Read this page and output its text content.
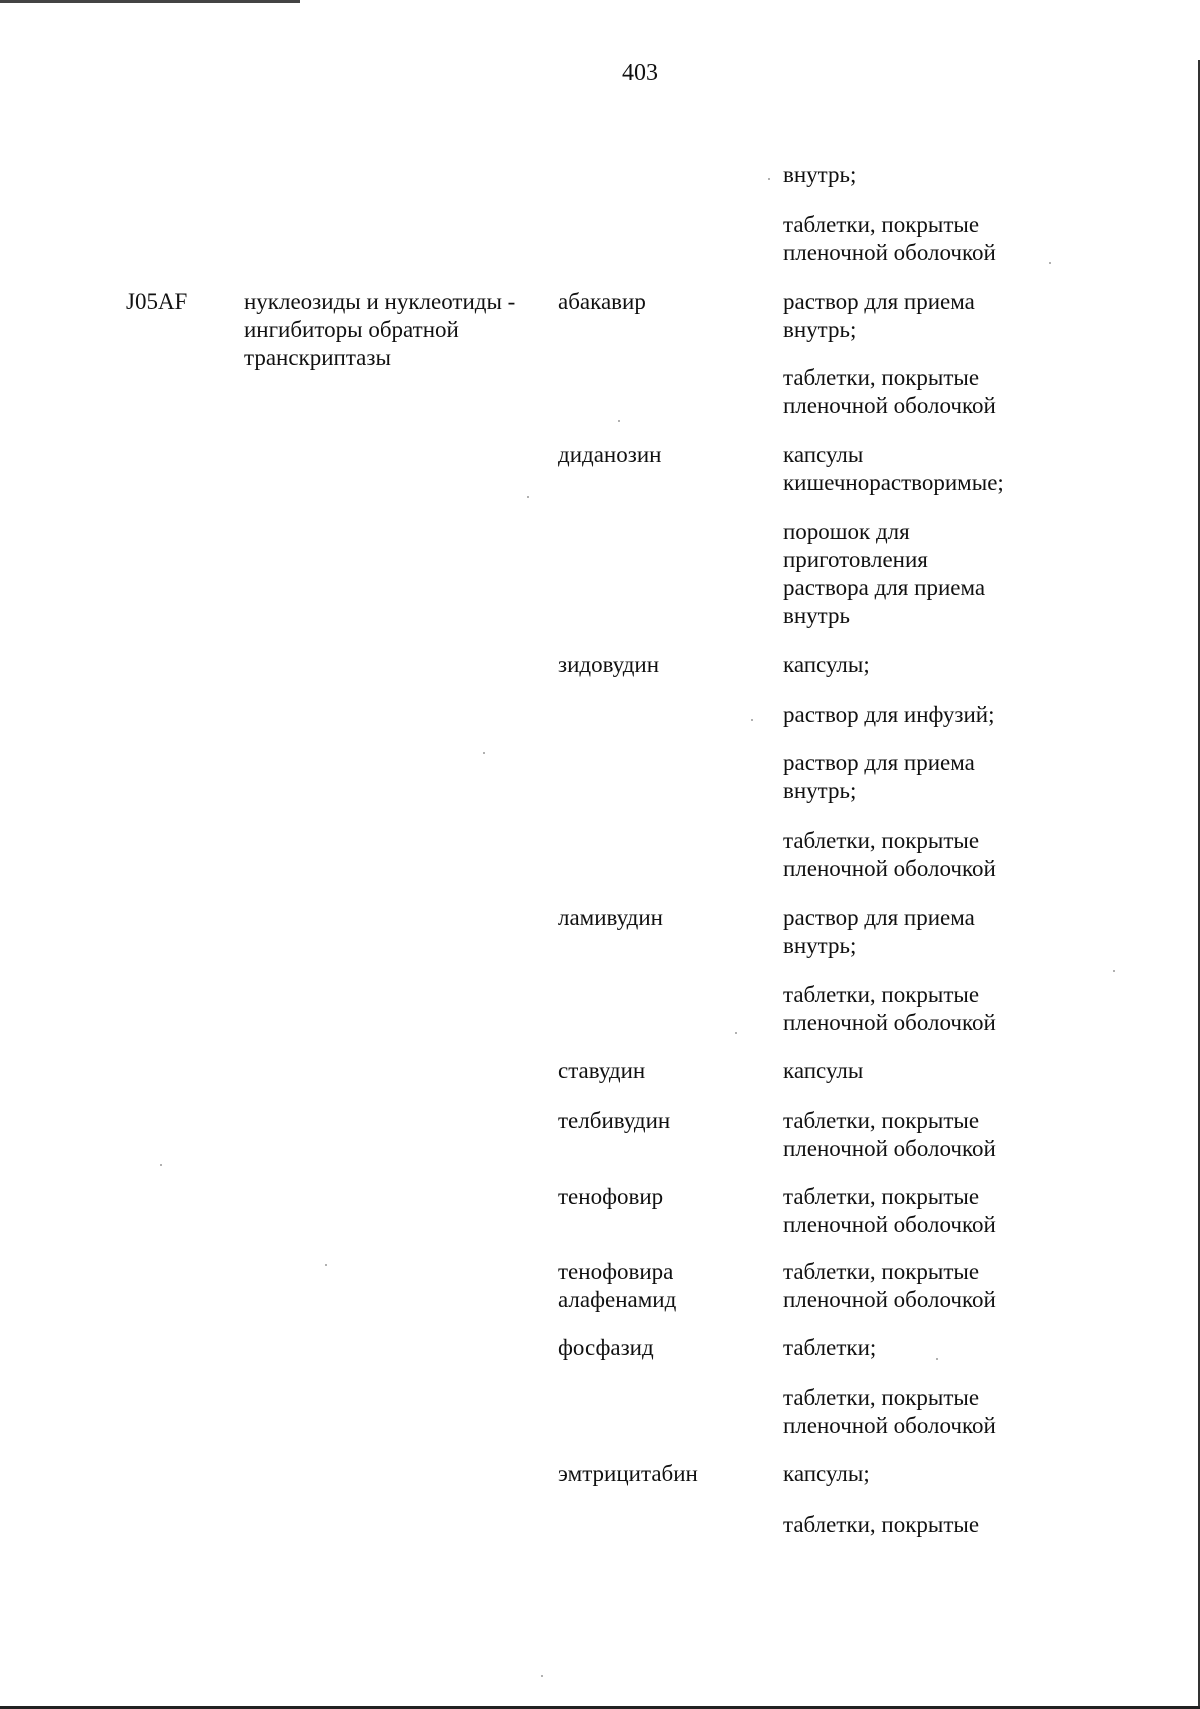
403
J05AF нуклеозиды и нуклеотиды -
ингибиторы обратной
транскриптазы
абакавир
диданозин
зидовудин
ламивудин
ставудин
телбивудин
тенофовир
тенофовира
алафенамид
фосфазид
эмтрицитабин
внутрь;
таблетки, покрытые
пленочной оболочкой
раствор для приема
внутрь;
таблетки, покрытые
пленочной оболочкой
капсулы
кишечнорастворимые;
порошок для
приготовления
раствора для приема
внутрь
капсулы;
раствор для инфузий;
раствор для приема
внутрь;
таблетки, покрытые
пленочной оболочкой
раствор для приема
внутрь;
таблетки, покрытые
пленочной оболочкой
капсулы
таблетки, покрытые
пленочной оболочкой
таблетки, покрытые
пленочной оболочкой
таблетки, покрытые
пленочной оболочкой
таблетки;
таблетки, покрытые
пленочной оболочкой
капсулы;
таблетки, покрытые
